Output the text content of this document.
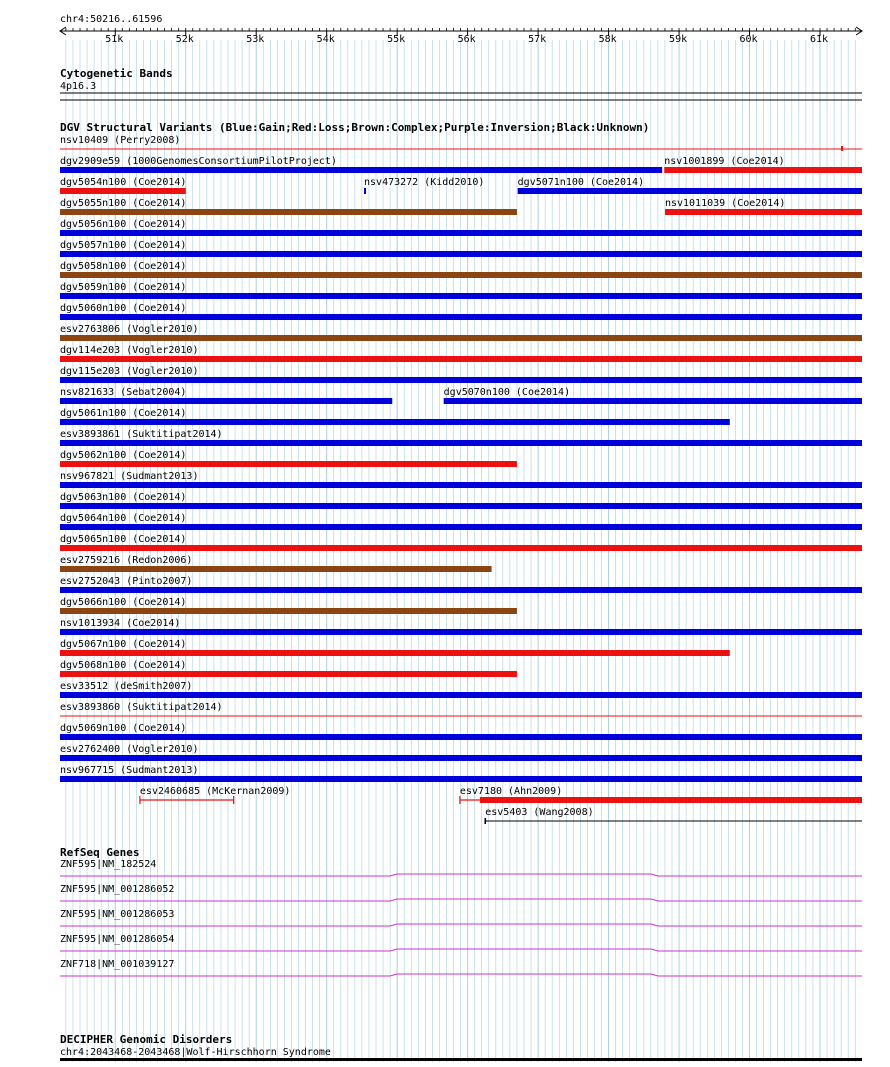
chr4:50216..61596
Cytogenetic Bands
4p16.3
DGV Structural Variants (Blue:Gain;Red:Loss;Brown:Complex;Purple:Inversion;Black:Unknown)
RefSeq Genes
DECIPHER Genomic Disorders
chr4:2043468-2043468|Wolf-Hirschhorn Syndrome
51k	52k	53k	54k	55k	56k	57k	58k	59k	60k	61k
nsv10409 (Perry2008)
dgv2909e59 (1000GenomesConsortiumPilotProject)	nsv1001899 (Coe2014)
dgv5054n100 (Coe2014)	nsv473272 (Kidd2010)	dgv5071n100 (Coe2014)
dgv5055n100 (Coe2014)	nsv1011039 (Coe2014)
dgv5056n100 (Coe2014)
dgv5057n100 (Coe2014)
dgv5058n100 (Coe2014)
dgv5059n100 (Coe2014)
dgv5060n100 (Coe2014)
esv2763806 (Vogler2010)
dgv114e203 (Vogler2010)
dgv115e203 (Vogler2010)
nsv821633 (Sebat2004)	dgv5070n100 (Coe2014)
dgv5061n100 (Coe2014)
esv3893861 (Suktitipat2014)
dgv5062n100 (Coe2014)
nsv967821 (Sudmant2013)
dgv5063n100 (Coe2014)
dgv5064n100 (Coe2014)
dgv5065n100 (Coe2014)
esv2759216 (Redon2006)
esv2752043 (Pinto2007)
dgv5066n100 (Coe2014)
nsv1013934 (Coe2014)
dgv5067n100 (Coe2014)
dgv5068n100 (Coe2014)
esv33512 (deSmith2007)
esv3893860 (Suktitipat2014)
dgv5069n100 (Coe2014)
esv2762400 (Vogler2010)
nsv967715 (Sudmant2013)
esv2460685 (McKernan2009)	esv7180 (Ahn2009)
esv5403 (Wang2008)
ZNF595|NM_182524
ZNF595|NM_001286052
ZNF595|NM_001286053
ZNF595|NM_001286054
ZNF718|NM_001039127
